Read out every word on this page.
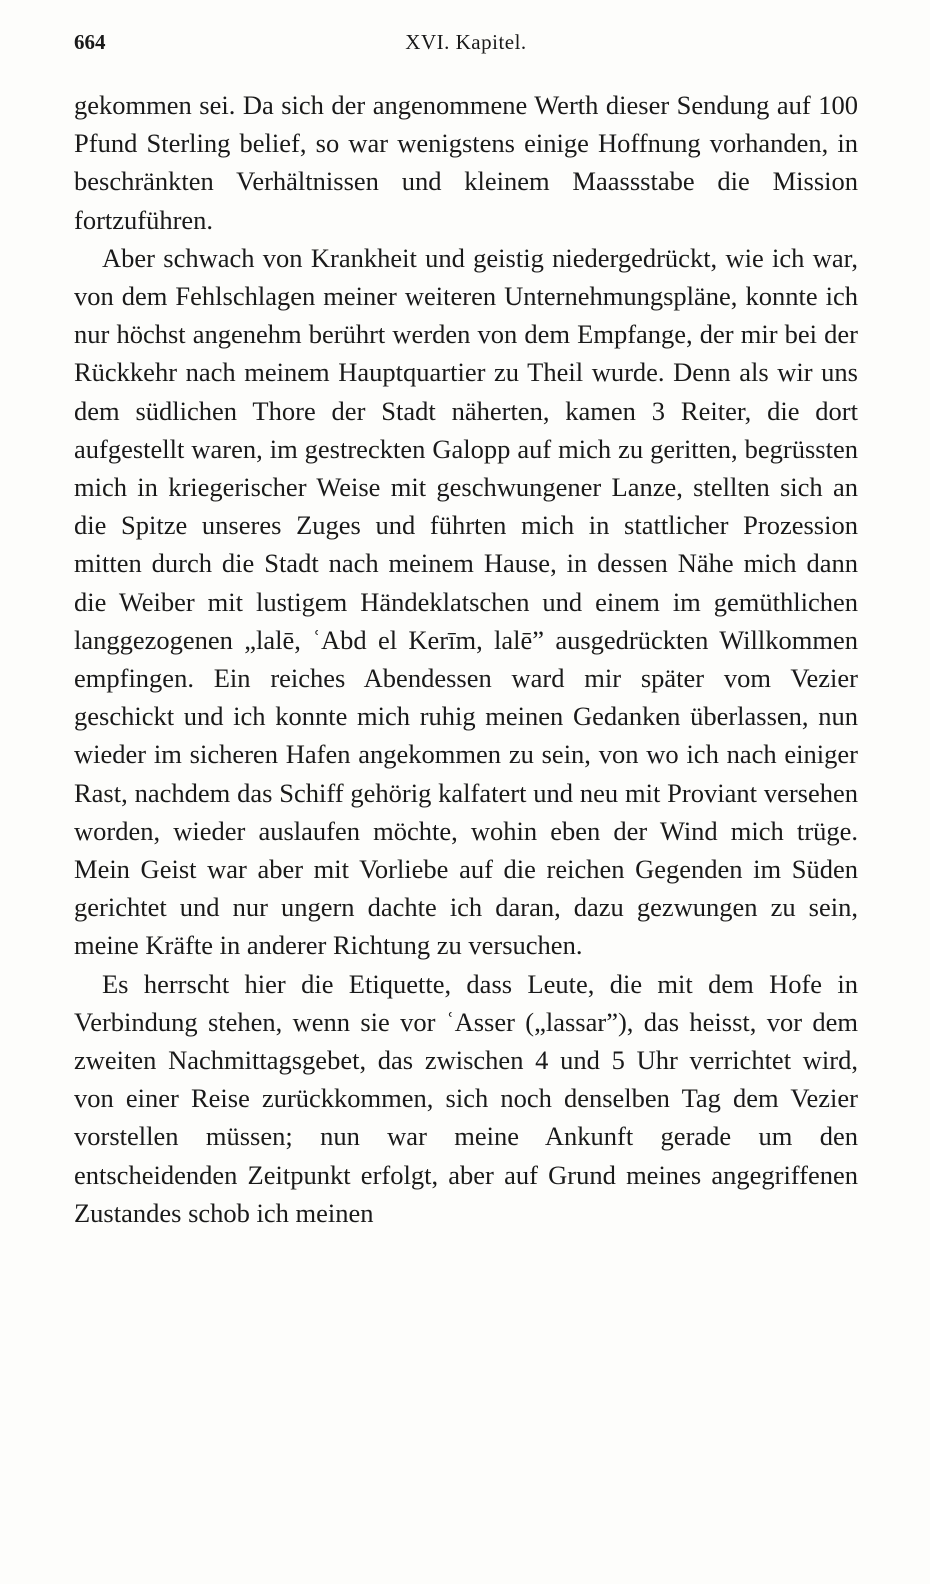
664	XVI. Kapitel.

gekommen sei. Da sich der angenommene Werth dieser Sendung auf 100 Pfund Sterling belief, so war wenigstens einige Hoffnung vorhanden, in beschränkten Verhältnissen und kleinem Maassstabe die Mission fortzuführen.

Aber schwach von Krankheit und geistig niedergedrückt, wie ich war, von dem Fehlschlagen meiner weiteren Unternehmungspläne, konnte ich nur höchst angenehm berührt werden von dem Empfange, der mir bei der Rückkehr nach meinem Hauptquartier zu Theil wurde. Denn als wir uns dem südlichen Thore der Stadt näherten, kamen 3 Reiter, die dort aufgestellt waren, im gestreckten Galopp auf mich zu geritten, begrüssten mich in kriegerischer Weise mit geschwungener Lanze, stellten sich an die Spitze unseres Zuges und führten mich in stattlicher Prozession mitten durch die Stadt nach meinem Hause, in dessen Nähe mich dann die Weiber mit lustigem Händeklatschen und einem im gemüthlichen langgezogenen „lalē, ʿAbd el Kerīm, lalē” ausgedrückten Willkommen empfingen. Ein reiches Abendessen ward mir später vom Vezier geschickt und ich konnte mich ruhig meinen Gedanken überlassen, nun wieder im sicheren Hafen angekommen zu sein, von wo ich nach einiger Rast, nachdem das Schiff gehörig kalfatert und neu mit Proviant versehen worden, wieder auslaufen möchte, wohin eben der Wind mich trüge. Mein Geist war aber mit Vorliebe auf die reichen Gegenden im Süden gerichtet und nur ungern dachte ich daran, dazu gezwungen zu sein, meine Kräfte in anderer Richtung zu versuchen.

Es herrscht hier die Etiquette, dass Leute, die mit dem Hofe in Verbindung stehen, wenn sie vor ʿAsser („lassar”), das heisst, vor dem zweiten Nachmittagsgebet, das zwischen 4 und 5 Uhr verrichtet wird, von einer Reise zurückkommen, sich noch denselben Tag dem Vezier vorstellen müssen; nun war meine Ankunft gerade um den entscheidenden Zeitpunkt erfolgt, aber auf Grund meines angegriffenen Zustandes schob ich meinen
